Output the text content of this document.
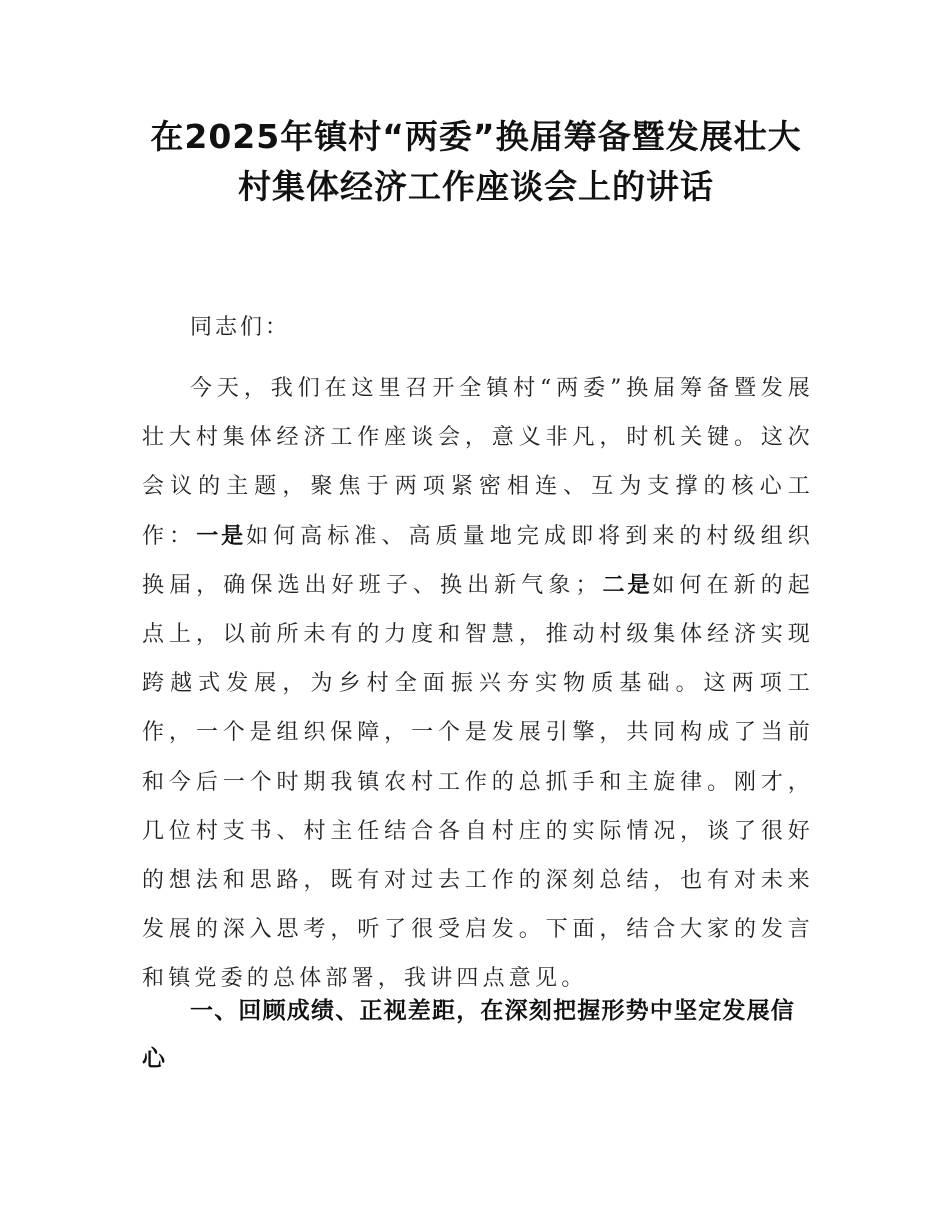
在2025年镇村“两委”换届筹备暨发展壮大
村集体经济工作座谈会上的讲话

同志们：

今天，我们在这里召开全镇村“两委”换届筹备暨发展壮大村集体经济工作座谈会，意义非凡，时机关键。这次会议的主题，聚焦于两项紧密相连、互为支撑的核心工作：一是如何高标准、高质量地完成即将到来的村级组织换届，确保选出好班子、换出新气象；二是如何在新的起点上，以前所未有的力度和智慧，推动村级集体经济实现跨越式发展，为乡村全面振兴夯实物质基础。这两项工作，一个是组织保障，一个是发展引擎，共同构成了当前和今后一个时期我镇农村工作的总抓手和主旋律。刚才，几位村支书、村主任结合各自村庄的实际情况，谈了很好的想法和思路，既有对过去工作的深刻总结，也有对未来发展的深入思考，听了很受启发。下面，结合大家的发言和镇党委的总体部署，我讲四点意见。

一、回顾成绩、正视差距，在深刻把握形势中坚定发展信心
